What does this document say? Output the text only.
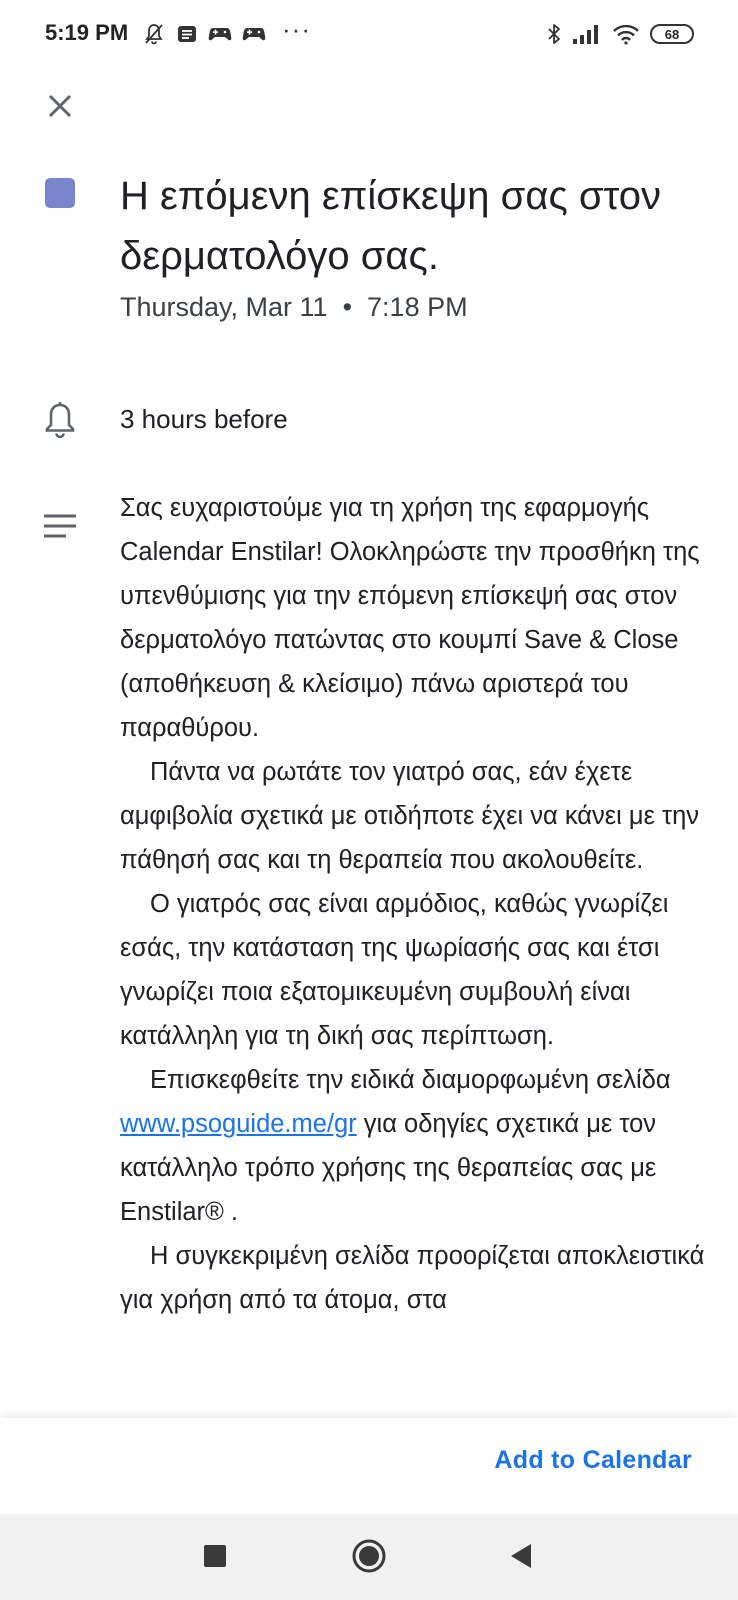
5:19 PM	···	68
Η επόμενη επίσκεψη σας στον δερματολόγο σας.
Thursday, Mar 11  •  7:18 PM
3 hours before

Σας ευχαριστούμε για τη χρήση της εφαρμογής Calendar Enstilar! Ολοκληρώστε την προσθήκη της υπενθύμισης για την επόμενη επίσκεψή σας στον δερματολόγο πατώντας στο κουμπί Save & Close (αποθήκευση & κλείσιμο) πάνω αριστερά του παραθύρου.

Πάντα να ρωτάτε τον γιατρό σας, εάν έχετε αμφιβολία σχετικά με οτιδήποτε έχει να κάνει με την πάθησή σας και τη θεραπεία που ακολουθείτε.

Ο γιατρός σας είναι αρμόδιος, καθώς γνωρίζει εσάς, την κατάσταση της ψωρίασής σας και έτσι γνωρίζει ποια εξατομικευμένη συμβουλή είναι κατάλληλη για τη δική σας περίπτωση.

Επισκεφθείτε την ειδικά διαμορφωμένη σελίδα www.psoguide.me/gr για οδηγίες σχετικά με τον κατάλληλο τρόπο χρήσης της θεραπείας σας με Enstilar® .

Η συγκεκριμένη σελίδα προορίζεται αποκλειστικά για χρήση από τα άτομα, στα

Add to Calendar
